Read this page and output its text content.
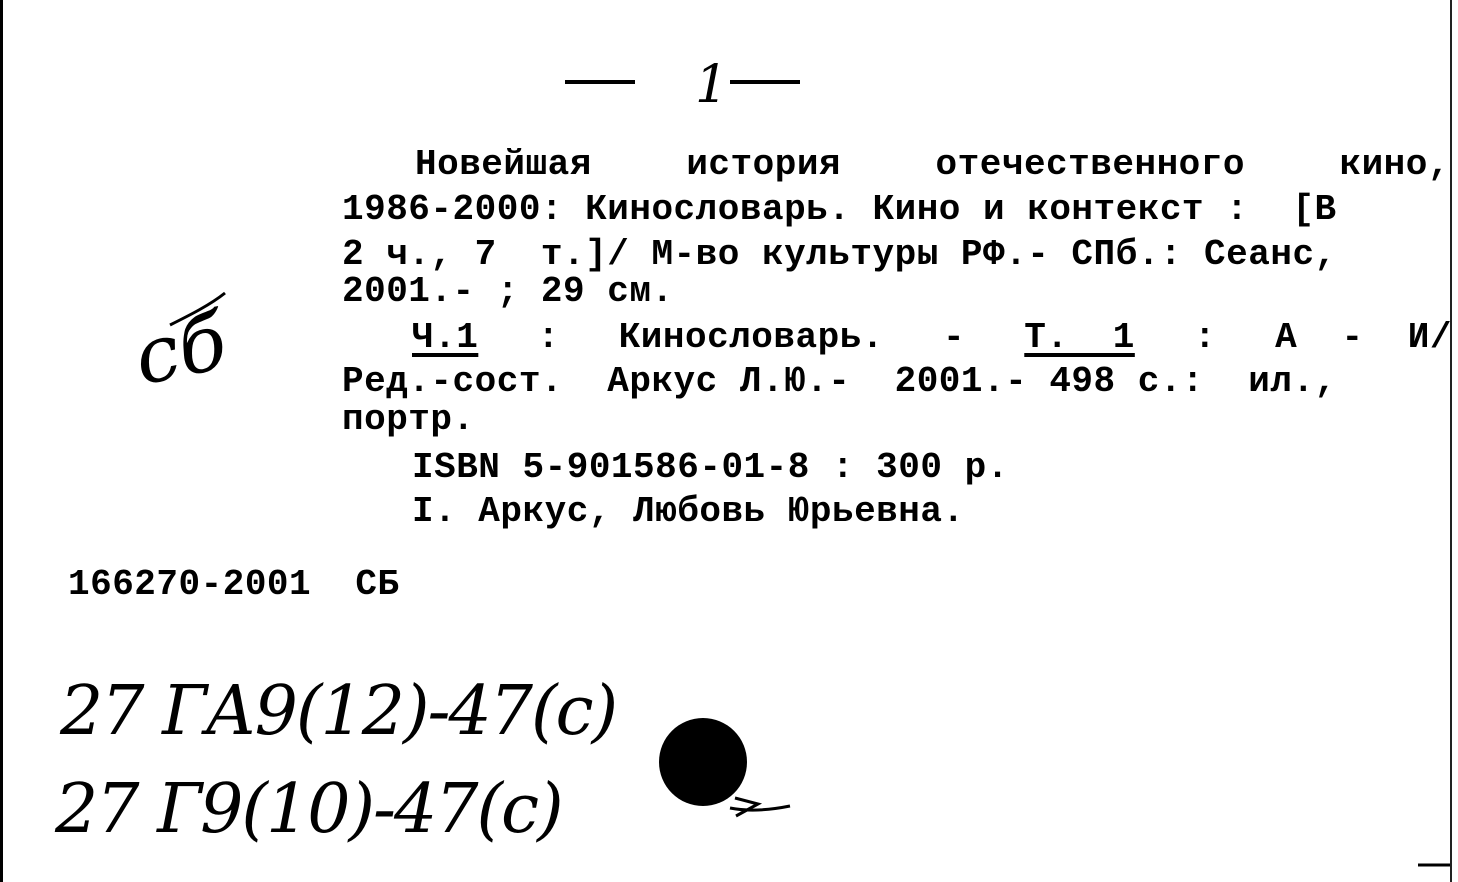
1
Новейшая	история	отечественного	кино,
1986-2000: Кинословарь. Кино и контекст :  [В
2 ч., 7  т.]/ М-во культуры РФ.- СПб.: Сеанс,
2001.- ; 29 см.
Ч.1 : Кинословарь. - Т.  1 : А  -  И/
Ред.-сост.  Аркус Л.Ю.-  2001.- 498 с.:  ил.,
портр.
ISBN 5-901586-01-8 : 300 р.
I. Аркус, Любовь Юрьевна.
166270-2001  СБ
сб
27 ГА9(12)-47(с)
27 Г9(10)-47(с)
